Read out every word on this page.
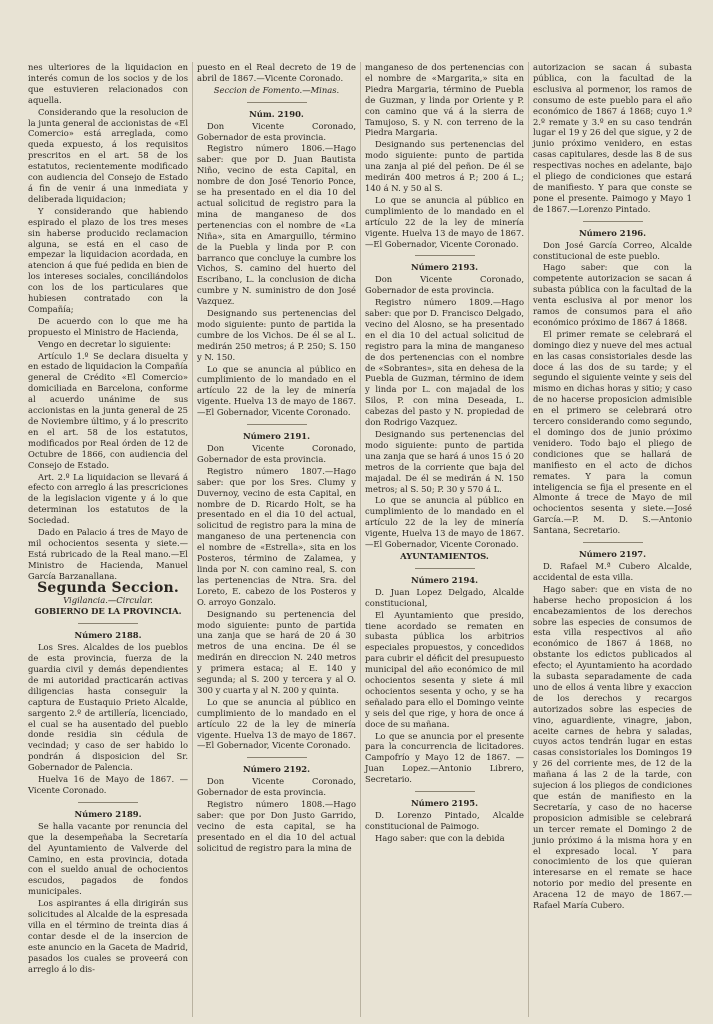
nes ulteriores de la liquidacion en interés comun de los socios y de los que estuvieren relacionados con aquella.

Considerando que la resolucion de la junta general de accionistas de «El Comercio» está arreglada, como queda expuesto, á los requisitos prescritos en el art. 58 de los estatutos, recientemente modificado con audiencia del Consejo de Estado á fin de venir á una inmediata y deliberada liquidacion;

Y considerando que habiendo espirado el plazo de los tres meses sin haberse producido reclamacion alguna, se está en el caso de empezar la liquidacion acordada, en atencion á que fué pedida en bien de los intereses sociales, conciliándolos con los de los particulares que hubiesen contratado con la Compañía;

De acuerdo con lo que me ha propuesto el Ministro de Hacienda,

Vengo en decretar lo siguiente:

Artículo 1.º Se declara disuelta y en estado de liquidacion la Compañía general de Crédito «El Comercio» domiciliada en Barcelona, conforme al acuerdo unánime de sus accionistas en la junta general de 25 de Noviembre último, y á lo prescrito en el art. 58 de los estatutos, modificados por Real órden de 12 de Octubre de 1866, con audiencia del Consejo de Estado.

Art. 2.º La liquidacion se llevará á efecto con arreglo á las prescriciones de la legislacion vigente y á lo que determinan los estatutos de la Sociedad.

Dado en Palacio á tres de Mayo de mil ochocientos sesenta y siete.—Está rubricado de la Real mano.—El Ministro de Hacienda, Manuel García Barzanallana.

Segunda Seccion.

Vigilancia.—Circular.

GOBIERNO DE LA PROVINCIA.

Número 2188.

Los Sres. Alcaldes de los pueblos de esta provincia, fuerza de la guardia civil y demás dependientes de mi autoridad practicarán activas diligencias hasta conseguir la captura de Eustaquio Prieto Alcalde, sargento 2.º de artillería, licenciado, el cual se ha ausentado del pueblo donde residia sin cédula de vecindad; y caso de ser habido lo pondrán á disposicion del Sr. Gobernador de Palencia.

Huelva 16 de Mayo de 1867. —Vicente Coronado.

Número 2189.

Se halla vacante por renuncia del que la desempeñaba la Secretaría del Ayuntamiento de Valverde del Camino, en esta provincia, dotada con el sueldo anual de ochocientos escudos, pagados de fondos municipales.

Los aspirantes á ella dirigirán sus solicitudes al Alcalde de la espresada villa en el término de treinta dias á contar desde el de la insercion de este anuncio en la Gaceta de Madrid, pasados los cuales se proveerá con arreglo á lo dis-

puesto en el Real decreto de 19 de abril de 1867.—Vicente Coronado.

Seccion de Fomento.—Minas.

Núm. 2190.

Don Vicente Coronado, Gobernador de esta provincia.

Registro número 1806.—Hago saber: que por D. Juan Bautista Niño, vecino de esta Capital, en nombre de don José Tenorio Ponce, se ha presentado en el dia 10 del actual solicitud de registro para la mina de manganeso de dos pertenencias con el nombre de «La Niña», sita en Amarguillo, término de la Puebla y linda por P. con barranco que concluye la cumbre los Vichos, S. camino del huerto del Escribano, L. la conclusion de dicha cumbre y N. suministro de don José Vazquez.

Designando sus pertenencias del modo siguiente: punto de partida la cumbre de los Vichos. De él se al L. medirán 250 metros; á P. 250; S. 150 y N. 150.

Lo que se anuncia al público en cumplimiento de lo mandado en el artículo 22 de la ley de minería vigente. Huelva 13 de mayo de 1867.—El Gobernador, Vicente Coronado.

Número 2191.

Don Vicente Coronado, Gobernador de esta provincia.

Registro número 1807.—Hago saber: que por los Sres. Clumy y Duvernoy, vecino de esta Capital, en nombre de D. Ricardo Holt, se ha presentado en el dia 10 del actual, solicitud de registro para la mina de manganeso de una pertenencia con el nombre de «Estrella», sita en los Posteros, término de Zalamea, y linda por N. con camino real, S. con las pertenencias de Ntra. Sra. del Loreto, E. cabezo de los Posteros y O. arroyo Gonzalo.

Designando su pertenencia del modo siguiente: punto de partida una zanja que se hará de 20 á 30 metros de una encina. De él se medirán en direccion N. 240 metros y primera estaca; al E. 140 y segunda; al S. 200 y tercera y al O. 300 y cuarta y al N. 200 y quinta.

Lo que se anuncia al público en cumplimiento de lo mandado en el artículo 22 de la ley de minería vigente. Huelva 13 de mayo de 1867.—El Gobernador, Vicente Coronado.

Número 2192.

Don Vicente Coronado, Gobernador de esta provincia.

Registro número 1808.—Hago saber: que por Don Justo Garrido, vecino de esta capital, se ha presentado en el dia 10 del actual solicitud de registro para la mina de

manganeso de dos pertenencias con el nombre de «Margarita,» sita en Piedra Margaria, término de Puebla de Guzman, y linda por Oriente y P. con camino que vá á la sierra de Tamujoso, S. y N. con terreno de la Piedra Margaria.

Designando sus pertenencias del modo siguiente: punto de partida una zanja al pié del peñon. De él se medirán 400 metros á P.; 200 á L.; 140 á N. y 50 al S.

Lo que se anuncia al público en cumplimiento de lo mandado en el artículo 22 de la ley de minería vigente. Huelva 13 de mayo de 1867.—El Gobernador, Vicente Coronado.

Número 2193.

Don Vicente Coronado, Gobernador de esta provincia.

Registro número 1809.—Hago saber: que por D. Francisco Delgado, vecino del Alosno, se ha presentado en el dia 10 del actual solicitud de registro para la mina de manganeso de dos pertenencias con el nombre de «Sobrantes», sita en dehesa de la Puebla de Guzman, término de idem y linda por L. con majadal de los Silos, P. con mina Deseada, L. cabezas del pasto y N. propiedad de don Rodrigo Vazquez.

Designando sus pertenencias del modo siguiente: punto de partida una zanja que se hará á unos 15 ó 20 metros de la corriente que baja del majadal. De él se medirán á N. 150 metros; al S. 50; P. 30 y 570 á L.

Lo que se anuncia al público en cumplimiento de lo mandado en el artículo 22 de la ley de minería vigente, Huelva 13 de mayo de 1867.—El Gobernador, Vicente Coronado.

AYUNTAMIENTOS.

Número 2194.

D. Juan Lopez Delgado, Alcalde constitucional,

El Ayuntamiento que presido, tiene acordado se rematen en subasta pública los arbitrios especiales propuestos, y concedidos para cubrir el déficit del presupuesto municipal del año económico de mil ochocientos sesenta y siete á mil ochocientos sesenta y ocho, y se ha señalado para ello el Domingo veinte y seis del que rige, y hora de once á doce de su mañana.

Lo que se anuncia por el presente para la concurrencia de licitadores. Campofrío y Mayo 12 de 1867. —Juan Lopez.—Antonio Librero, Secretario.

Número 2195.

D. Lorenzo Pintado, Alcalde constitucional de Paimogo.

Hago saber: que con la debida

autorizacion se sacan á subasta pública, con la facultad de la esclusiva al pormenor, los ramos de consumo de este pueblo para el año económico de 1867 á 1868; cuyo 1.º 2.º remate y 3.º en su caso tendrán lugar el 19 y 26 del que sigue, y 2 de junio próximo venidero, en estas casas capitulares, desde las 8 de sus respectivas noches en adelante, bajo el pliego de condiciones que estará de manifiesto. Y para que conste se pone el presente. Paimogo y Mayo 1 de 1867.—Lorenzo Pintado.

Número 2196.

Don José García Correo, Alcalde constitucional de este pueblo.

Hago saber: que con la competente autorizacion se sacan á subasta pública con la facultad de la venta esclusiva al por menor los ramos de consumos para el año económico próximo de 1867 á 1868.

El primer remate se celebrará el domingo diez y nueve del mes actual en las casas consistoriales desde las doce á las dos de su tarde; y el segundo el siguiente veinte y seis del mismo en dichas horas y sitio; y caso de no hacerse proposicion admisible en el primero se celebrará otro tercero considerando como segundo, el domingo dos de junio próximo venidero. Todo bajo el pliego de condiciones que se hallará de manifiesto en el acto de dichos remates. Y para la comun inteligencia se fija el presente en el Almonte á trece de Mayo de mil ochocientos sesenta y siete.—José García.—P. M. D. S.—Antonio Santana, Secretario.

Número 2197.

D. Rafael M.ª Cubero Alcalde, accidental de esta villa.

Hago saber: que en vista de no haberse hecho proposicion á los encabezamientos de los derechos sobre las especies de consumos de esta villa respectivos al año económico de 1867 á 1868, no obstante los edictos publicados al efecto; el Ayuntamiento ha acordado la subasta separadamente de cada uno de ellos á venta libre y exaccion de los derechos y recargos autorizados sobre las especies de vino, aguardiente, vinagre, jabon, aceite carnes de hebra y saladas, cuyos actos tendrán lugar en estas casas consistoriales los Domingos 19 y 26 del corriente mes, de 12 de la mañana á las 2 de la tarde, con sujecion á los pliegos de condiciones que están de manifiesto en la Secretaría, y caso de no hacerse proposicion admisible se celebrará un tercer remate el Domingo 2 de junio próximo á la misma hora y en el expresado local. Y para conocimiento de los que quieran interesarse en el remate se hace notorio por medio del presente en Aracena 12 de mayo de 1867.—Rafael María Cubero.
